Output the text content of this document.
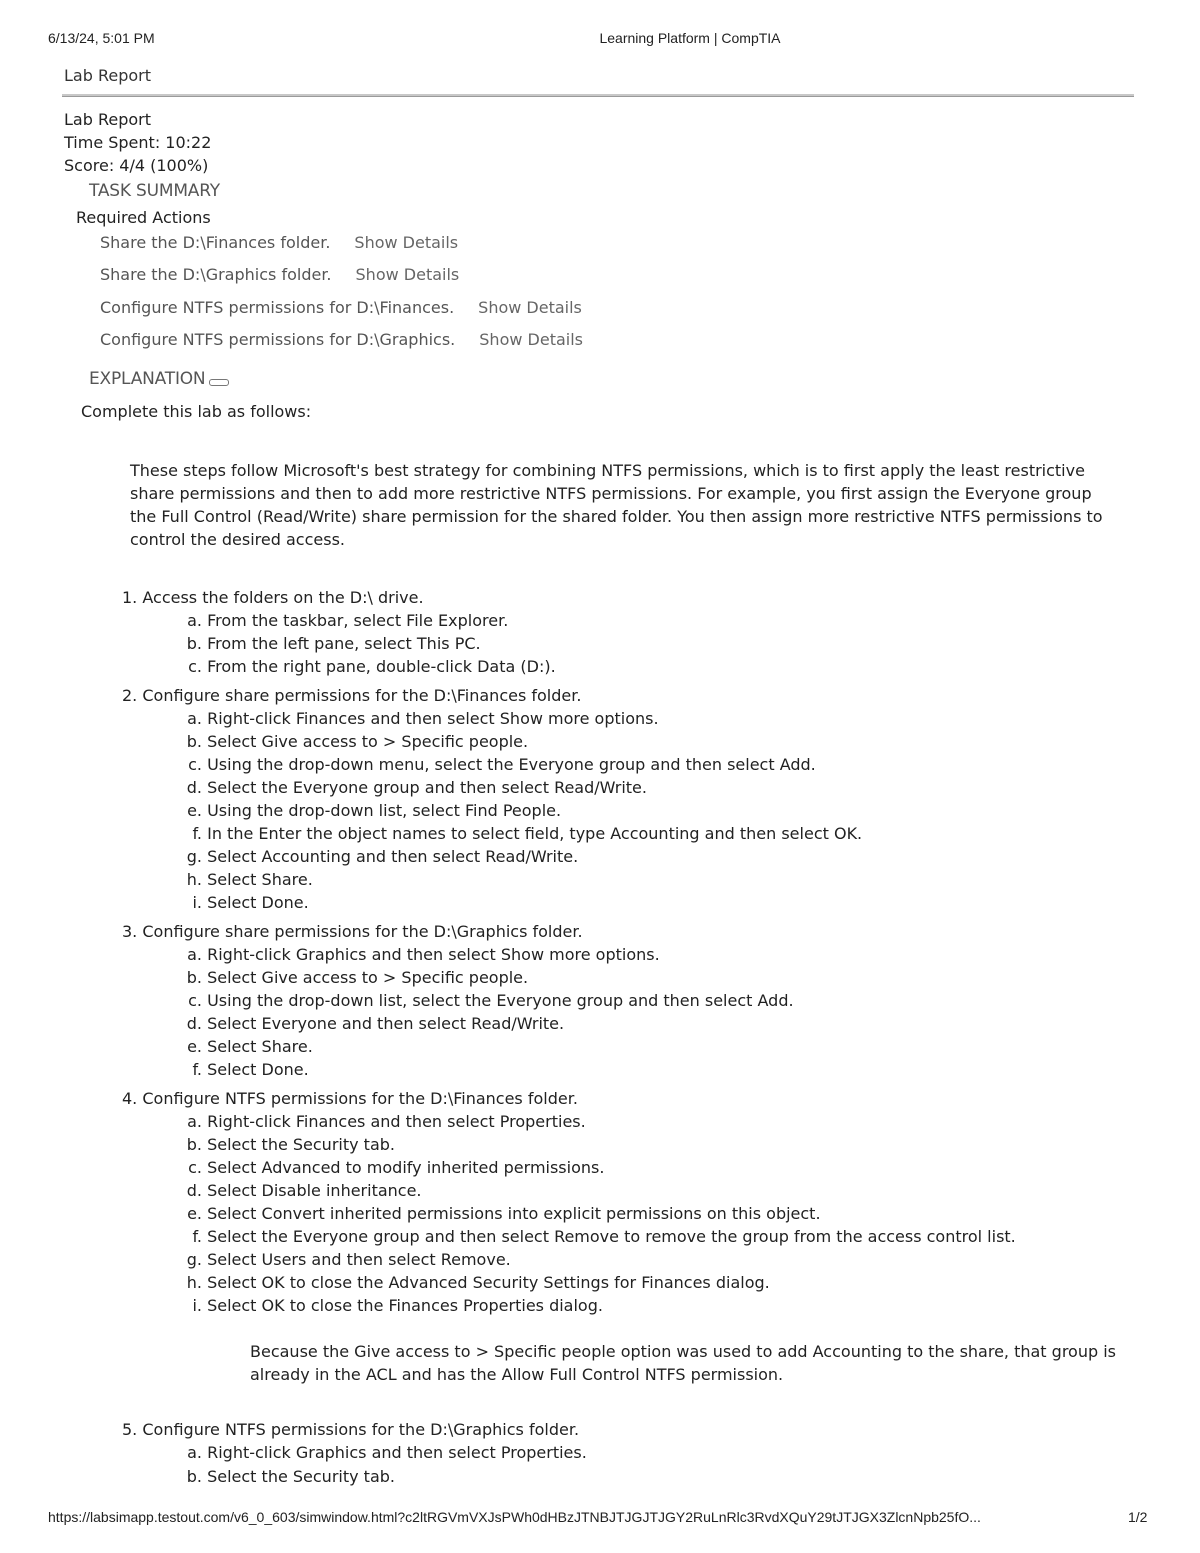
6/13/24, 5:01 PM	Learning Platform | CompTIA
Lab Report
Lab Report
Time Spent: 10:22
Score: 4/4 (100%)
TASK SUMMARY
Required Actions
Share the D:\Finances folder. Show Details
Share the D:\Graphics folder. Show Details
Configure NTFS permissions for D:\Finances. Show Details
Configure NTFS permissions for D:\Graphics. Show Details
EXPLANATION
Complete this lab as follows:
These steps follow Microsoft's best strategy for combining NTFS permissions, which is to first apply the least restrictive share permissions and then to add more restrictive NTFS permissions. For example, you first assign the Everyone group the Full Control (Read/Write) share permission for the shared folder. You then assign more restrictive NTFS permissions to control the desired access.
1. Access the folders on the D:\ drive.
a. From the taskbar, select File Explorer.
b. From the left pane, select This PC.
c. From the right pane, double-click Data (D:).
2. Configure share permissions for the D:\Finances folder.
a. Right-click Finances and then select Show more options.
b. Select Give access to > Specific people.
c. Using the drop-down menu, select the Everyone group and then select Add.
d. Select the Everyone group and then select Read/Write.
e. Using the drop-down list, select Find People.
f. In the Enter the object names to select field, type Accounting and then select OK.
g. Select Accounting and then select Read/Write.
h. Select Share.
i. Select Done.
3. Configure share permissions for the D:\Graphics folder.
a. Right-click Graphics and then select Show more options.
b. Select Give access to > Specific people.
c. Using the drop-down list, select the Everyone group and then select Add.
d. Select Everyone and then select Read/Write.
e. Select Share.
f. Select Done.
4. Configure NTFS permissions for the D:\Finances folder.
a. Right-click Finances and then select Properties.
b. Select the Security tab.
c. Select Advanced to modify inherited permissions.
d. Select Disable inheritance.
e. Select Convert inherited permissions into explicit permissions on this object.
f. Select the Everyone group and then select Remove to remove the group from the access control list.
g. Select Users and then select Remove.
h. Select OK to close the Advanced Security Settings for Finances dialog.
i. Select OK to close the Finances Properties dialog.
Because the Give access to > Specific people option was used to add Accounting to the share, that group is already in the ACL and has the Allow Full Control NTFS permission.
5. Configure NTFS permissions for the D:\Graphics folder.
a. Right-click Graphics and then select Properties.
b. Select the Security tab.
https://labsimapp.testout.com/v6_0_603/simwindow.html?c2ltRGVmVXJsPWh0dHBzJTNBJTJGJTJGY2RuLnRlc3RvdXQuY29tJTJGX3ZlcnNpb25fO...	1/2
